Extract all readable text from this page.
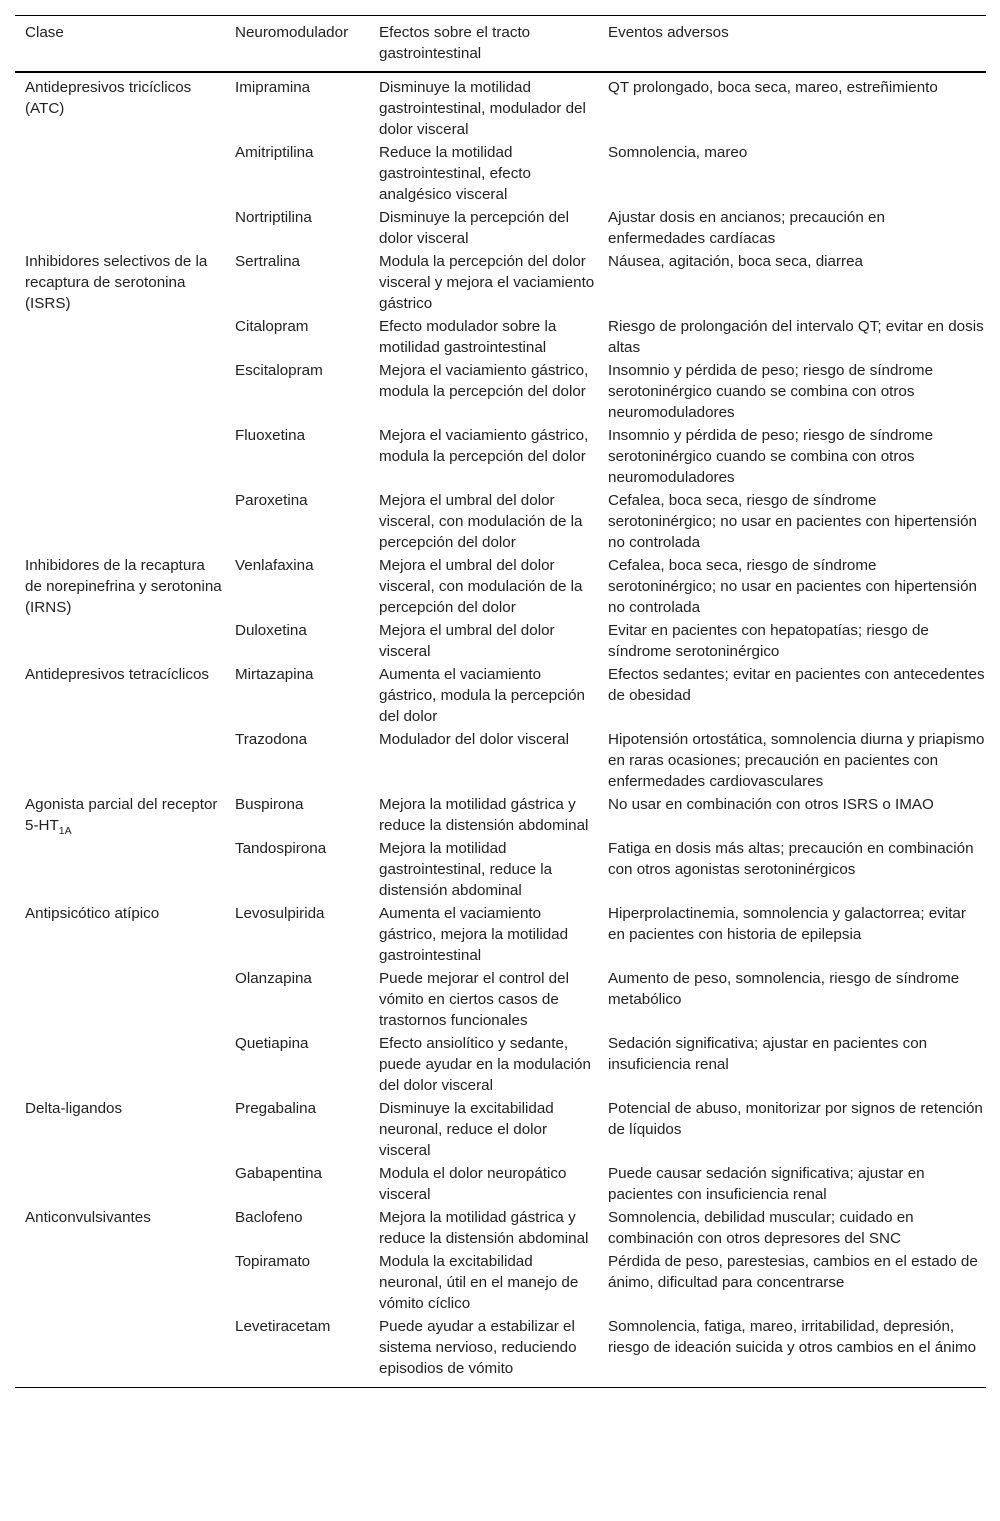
Clase	Neuromodulador	Efectos sobre el tracto gastrointestinal	Eventos adversos
Antidepresivos tricíclicos (ATC)	Imipramina	Disminuye la motilidad gastrointestinal, modulador del dolor visceral	QT prolongado, boca seca, mareo, estreñimiento
	Amitriptilina	Reduce la motilidad gastrointestinal, efecto analgésico visceral	Somnolencia, mareo
	Nortriptilina	Disminuye la percepción del dolor visceral	Ajustar dosis en ancianos; precaución en enfermedades cardíacas
Inhibidores selectivos de la recaptura de serotonina (ISRS)	Sertralina	Modula la percepción del dolor visceral y mejora el vaciamiento gástrico	Náusea, agitación, boca seca, diarrea
	Citalopram	Efecto modulador sobre la motilidad gastrointestinal	Riesgo de prolongación del intervalo QT; evitar en dosis altas
	Escitalopram	Mejora el vaciamiento gástrico, modula la percepción del dolor	Insomnio y pérdida de peso; riesgo de síndrome serotoninérgico cuando se combina con otros neuromoduladores
	Fluoxetina	Mejora el vaciamiento gástrico, modula la percepción del dolor	Insomnio y pérdida de peso; riesgo de síndrome serotoninérgico cuando se combina con otros neuromoduladores
	Paroxetina	Mejora el umbral del dolor visceral, con modulación de la percepción del dolor	Cefalea, boca seca, riesgo de síndrome serotoninérgico; no usar en pacientes con hipertensión no controlada
Inhibidores de la recaptura de norepinefrina y serotonina (IRNS)	Venlafaxina	Mejora el umbral del dolor visceral, con modulación de la percepción del dolor	Cefalea, boca seca, riesgo de síndrome serotoninérgico; no usar en pacientes con hipertensión no controlada
	Duloxetina	Mejora el umbral del dolor visceral	Evitar en pacientes con hepatopatías; riesgo de síndrome serotoninérgico
Antidepresivos tetracíclicos	Mirtazapina	Aumenta el vaciamiento gástrico, modula la percepción del dolor	Efectos sedantes; evitar en pacientes con antecedentes de obesidad
	Trazodona	Modulador del dolor visceral	Hipotensión ortostática, somnolencia diurna y priapismo en raras ocasiones; precaución en pacientes con enfermedades cardiovasculares
Agonista parcial del receptor $5-HT_{1A}$	Buspirona	Mejora la motilidad gástrica y reduce la distensión abdominal	No usar en combinación con otros ISRS o IMAO
	Tandospirona	Mejora la motilidad gastrointestinal, reduce la distensión abdominal	Fatiga en dosis más altas; precaución en combinación con otros agonistas serotoninérgicos
Antipsicótico atípico	Levosulpirida	Aumenta el vaciamiento gástrico, mejora la motilidad gastrointestinal	Hiperprolactinemia, somnolencia y galactorrea; evitar en pacientes con historia de epilepsia
	Olanzapina	Puede mejorar el control del vómito en ciertos casos de trastornos funcionales	Aumento de peso, somnolencia, riesgo de síndrome metabólico
	Quetiapina	Efecto ansiolítico y sedante, puede ayudar en la modulación del dolor visceral	Sedación significativa; ajustar en pacientes con insuficiencia renal
Delta-ligandos	Pregabalina	Disminuye la excitabilidad neuronal, reduce el dolor visceral	Potencial de abuso, monitorizar por signos de retención de líquidos
	Gabapentina	Modula el dolor neuropático visceral	Puede causar sedación significativa; ajustar en pacientes con insuficiencia renal
Anticonvulsivantes	Baclofeno	Mejora la motilidad gástrica y reduce la distensión abdominal	Somnolencia, debilidad muscular; cuidado en combinación con otros depresores del SNC
	Topiramato	Modula la excitabilidad neuronal, útil en el manejo de vómito cíclico	Pérdida de peso, parestesias, cambios en el estado de ánimo, dificultad para concentrarse
	Levetiracetam	Puede ayudar a estabilizar el sistema nervioso, reduciendo episodios de vómito	Somnolencia, fatiga, mareo, irritabilidad, depresión, riesgo de ideación suicida y otros cambios en el ánimo
